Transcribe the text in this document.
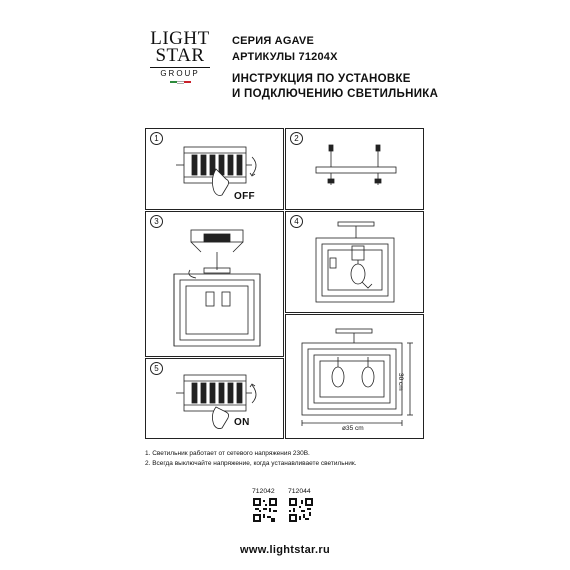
LIGHT
STAR
GROUP
СЕРИЯ AGAVE
АРТИКУЛЫ 71204X
ИНСТРУКЦИЯ ПО УСТАНОВКЕ
И ПОДКЛЮЧЕНИЮ СВЕТИЛЬНИКА
1
OFF
2
3	4
30 cm
ø35 cm
5
ON
1. Светильник работает от сетевого напряжения 230В.
2. Всегда выключайте напряжение, когда устанавливаете светильник.
712042 712044
www.lightstar.ru
